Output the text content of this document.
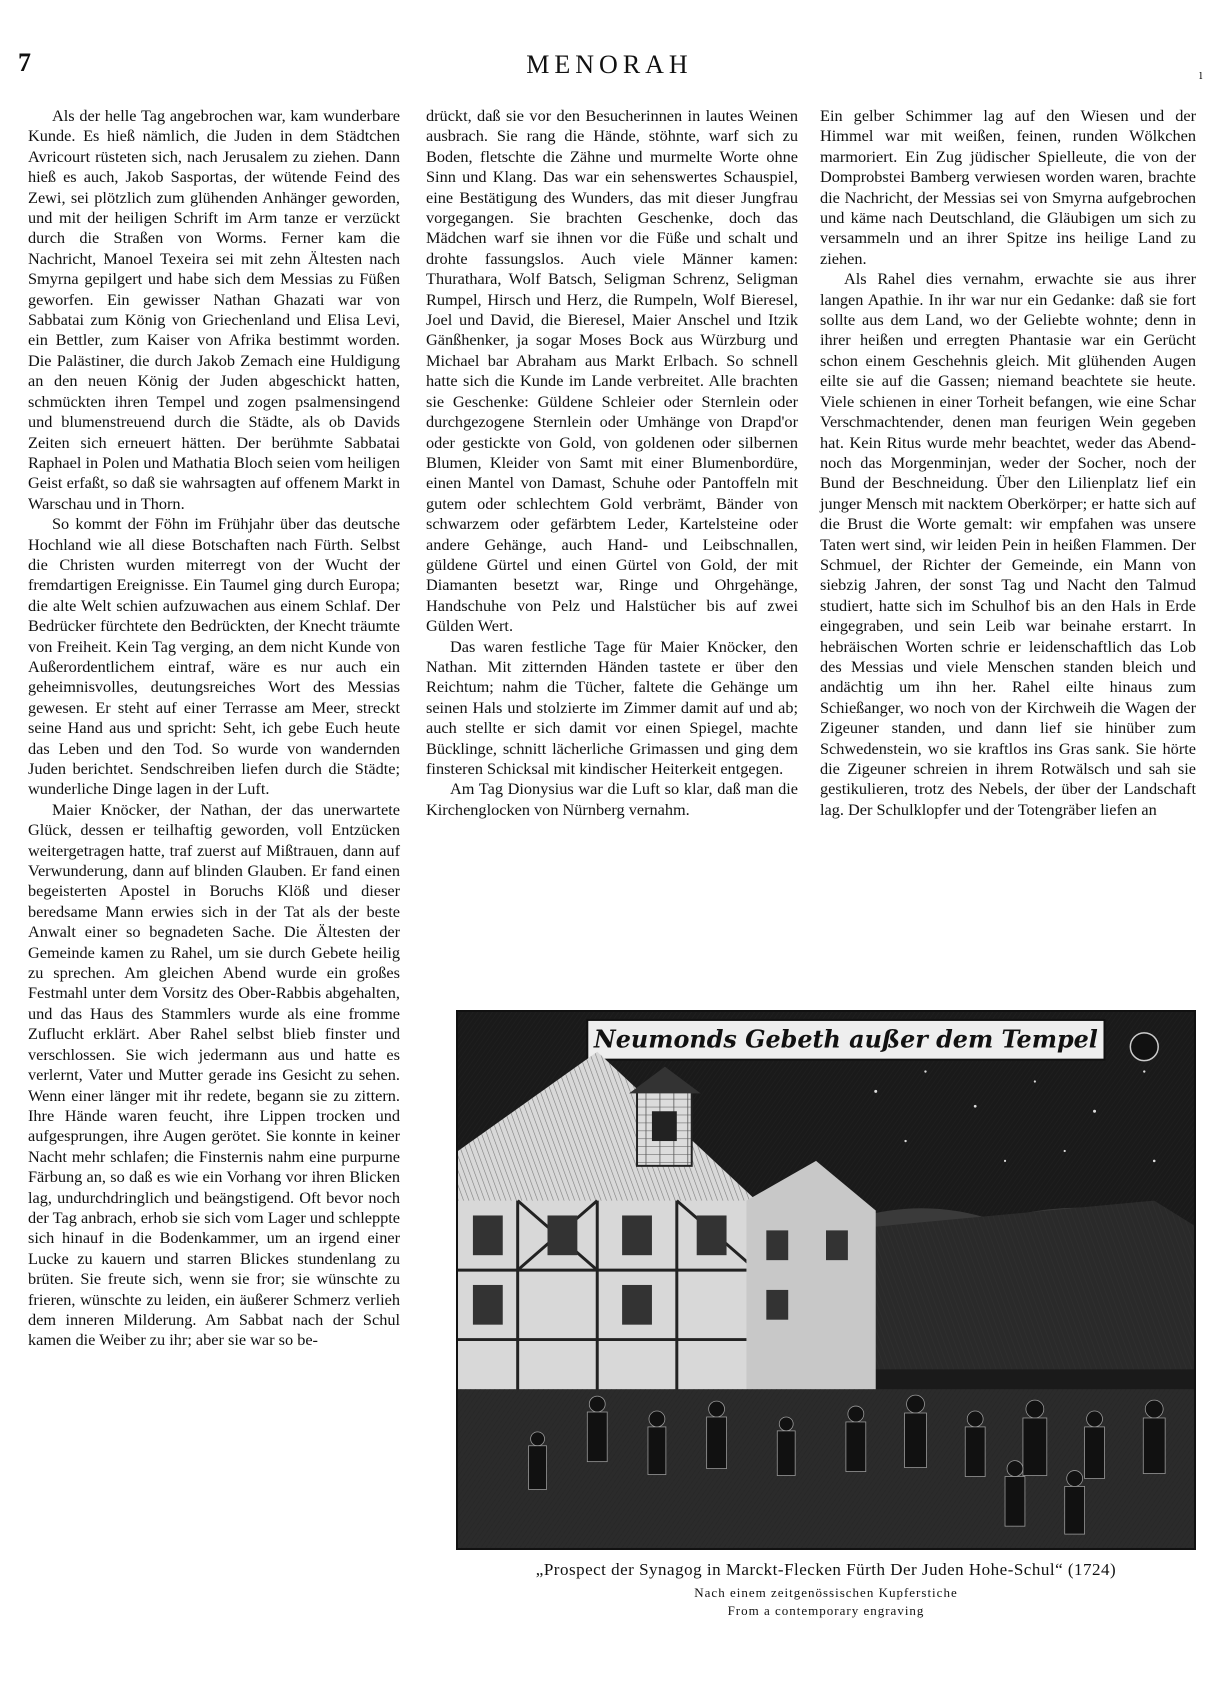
7	MENORAH	ₗ

Als der helle Tag angebrochen war, kam wunderbare Kunde. Es hieß nämlich, die Juden in dem Städtchen Avricourt rüsteten sich, nach Jerusalem zu ziehen. Dann hieß es auch, Jakob Sasportas, der wütende Feind des Zewi, sei plötzlich zum glühenden Anhänger geworden, und mit der heiligen Schrift im Arm tanze er verzückt durch die Straßen von Worms. Ferner kam die Nachricht, Manoel Texeira sei mit zehn Ältesten nach Smyrna gepilgert und habe sich dem Messias zu Füßen geworfen. Ein gewisser Nathan Ghazati war von Sabbatai zum König von Griechenland und Elisa Levi, ein Bettler, zum Kaiser von Afrika bestimmt worden. Die Palästiner, die durch Jakob Zemach eine Huldigung an den neuen König der Juden abgeschickt hatten, schmückten ihren Tempel und zogen psalmensingend und blumenstreuend durch die Städte, als ob Davids Zeiten sich erneuert hätten. Der berühmte Sabbatai Raphael in Polen und Mathatia Bloch seien vom heiligen Geist erfaßt, so daß sie wahrsagten auf offenem Markt in Warschau und in Thorn.

So kommt der Föhn im Frühjahr über das deutsche Hochland wie all diese Botschaften nach Fürth. Selbst die Christen wurden miterregt von der Wucht der fremdartigen Ereignisse. Ein Taumel ging durch Europa; die alte Welt schien aufzuwachen aus einem Schlaf. Der Bedrücker fürchtete den Bedrückten, der Knecht träumte von Freiheit. Kein Tag verging, an dem nicht Kunde von Außerordentlichem eintraf, wäre es nur auch ein geheimnisvolles, deutungsreiches Wort des Messias gewesen. Er steht auf einer Terrasse am Meer, streckt seine Hand aus und spricht: Seht, ich gebe Euch heute das Leben und den Tod. So wurde von wandernden Juden berichtet. Sendschreiben liefen durch die Städte; wunderliche Dinge lagen in der Luft.

Maier Knöcker, der Nathan, der das unerwartete Glück, dessen er teilhaftig geworden, voll Entzücken weitergetragen hatte, traf zuerst auf Mißtrauen, dann auf Verwunderung, dann auf blinden Glauben. Er fand einen begeisterten Apostel in Boruchs Klöß und dieser beredsame Mann erwies sich in der Tat als der beste Anwalt einer so begnadeten Sache. Die Ältesten der Gemeinde kamen zu Rahel, um sie durch Gebete heilig zu sprechen. Am gleichen Abend wurde ein großes Festmahl unter dem Vorsitz des Ober-Rabbis abgehalten, und das Haus des Stammlers wurde als eine fromme Zuflucht erklärt. Aber Rahel selbst blieb finster und verschlossen. Sie wich jedermann aus und hatte es verlernt, Vater und Mutter gerade ins Gesicht zu sehen. Wenn einer länger mit ihr redete, begann sie zu zittern. Ihre Hände waren feucht, ihre Lippen trocken und aufgesprungen, ihre Augen gerötet. Sie konnte in keiner Nacht mehr schlafen; die Finsternis nahm eine purpurne Färbung an, so daß es wie ein Vorhang vor ihren Blicken lag, undurchdringlich und beängstigend. Oft bevor noch der Tag anbrach, erhob sie sich vom Lager und schleppte sich hinauf in die Bodenkammer, um an irgend einer Lucke zu kauern und starren Blickes stundenlang zu brüten. Sie freute sich, wenn sie fror; sie wünschte zu frieren, wünschte zu leiden, ein äußerer Schmerz verlieh dem inneren Milderung. Am Sabbat nach der Schul kamen die Weiber zu ihr; aber sie war so be-

drückt, daß sie vor den Besucherinnen in lautes Weinen ausbrach. Sie rang die Hände, stöhnte, warf sich zu Boden, fletschte die Zähne und murmelte Worte ohne Sinn und Klang. Das war ein sehenswertes Schauspiel, eine Bestätigung des Wunders, das mit dieser Jungfrau vorgegangen. Sie brachten Geschenke, doch das Mädchen warf sie ihnen vor die Füße und schalt und drohte fassungslos. Auch viele Männer kamen: Thurathara, Wolf Batsch, Seligman Schrenz, Seligman Rumpel, Hirsch und Herz, die Rumpeln, Wolf Bieresel, Joel und David, die Bieresel, Maier Anschel und Itzik Gänßhenker, ja sogar Moses Bock aus Würzburg und Michael bar Abraham aus Markt Erlbach. So schnell hatte sich die Kunde im Lande verbreitet. Alle brachten sie Geschenke: Güldene Schleier oder Sternlein oder durchgezogene Sternlein oder Umhänge von Drapd'or oder gestickte von Gold, von goldenen oder silbernen Blumen, Kleider von Samt mit einer Blumenbordüre, einen Mantel von Damast, Schuhe oder Pantoffeln mit gutem oder schlechtem Gold verbrämt, Bänder von schwarzem oder gefärbtem Leder, Kartelsteine oder andere Gehänge, auch Hand- und Leibschnallen, güldene Gürtel und einen Gürtel von Gold, der mit Diamanten besetzt war, Ringe und Ohrgehänge, Handschuhe von Pelz und Halstücher bis auf zwei Gülden Wert.

Das waren festliche Tage für Maier Knöcker, den Nathan. Mit zitternden Händen tastete er über den Reichtum; nahm die Tücher, faltete die Gehänge um seinen Hals und stolzierte im Zimmer damit auf und ab; auch stellte er sich damit vor einen Spiegel, machte Bücklinge, schnitt lächerliche Grimassen und ging dem finsteren Schicksal mit kindischer Heiterkeit entgegen.

Am Tag Dionysius war die Luft so klar, daß man die Kirchenglocken von Nürnberg vernahm.

Ein gelber Schimmer lag auf den Wiesen und der Himmel war mit weißen, feinen, runden Wölkchen marmoriert. Ein Zug jüdischer Spielleute, die von der Domprobstei Bamberg verwiesen worden waren, brachte die Nachricht, der Messias sei von Smyrna aufgebrochen und käme nach Deutschland, die Gläubigen um sich zu versammeln und an ihrer Spitze ins heilige Land zu ziehen.

Als Rahel dies vernahm, erwachte sie aus ihrer langen Apathie. In ihr war nur ein Gedanke: daß sie fort sollte aus dem Land, wo der Geliebte wohnte; denn in ihrer heißen und erregten Phantasie war ein Gerücht schon einem Geschehnis gleich. Mit glühenden Augen eilte sie auf die Gassen; niemand beachtete sie heute. Viele schienen in einer Torheit befangen, wie eine Schar Verschmachtender, denen man feurigen Wein gegeben hat. Kein Ritus wurde mehr beachtet, weder das Abend- noch das Morgenminjan, weder der Socher, noch der Bund der Beschneidung. Über den Lilienplatz lief ein junger Mensch mit nacktem Oberkörper; er hatte sich auf die Brust die Worte gemalt: wir empfahen was unsere Taten wert sind, wir leiden Pein in heißen Flammen. Der Schmuel, der Richter der Gemeinde, ein Mann von siebzig Jahren, der sonst Tag und Nacht den Talmud studiert, hatte sich im Schulhof bis an den Hals in Erde eingegraben, und sein Leib war beinahe erstarrt. In hebräischen Worten schrie er leidenschaftlich das Lob des Messias und viele Menschen standen bleich und andächtig um ihn her. Rahel eilte hinaus zum Schießanger, wo noch von der Kirchweih die Wagen der Zigeuner standen, und dann lief sie hinüber zum Schwedenstein, wo sie kraftlos ins Gras sank. Sie hörte die Zigeuner schreien in ihrem Rotwälsch und sah sie gestikulieren, trotz des Nebels, der über der Landschaft lag. Der Schulklopfer und der Totengräber liefen an

Neumonds Gebeth außer dem Tempel
„Prospect der Synagog in Marckt-Flecken Fürth Der Juden Hohe-Schul“ (1724)
Nach einem zeitgenössischen Kupferstiche
From a contemporary engraving
